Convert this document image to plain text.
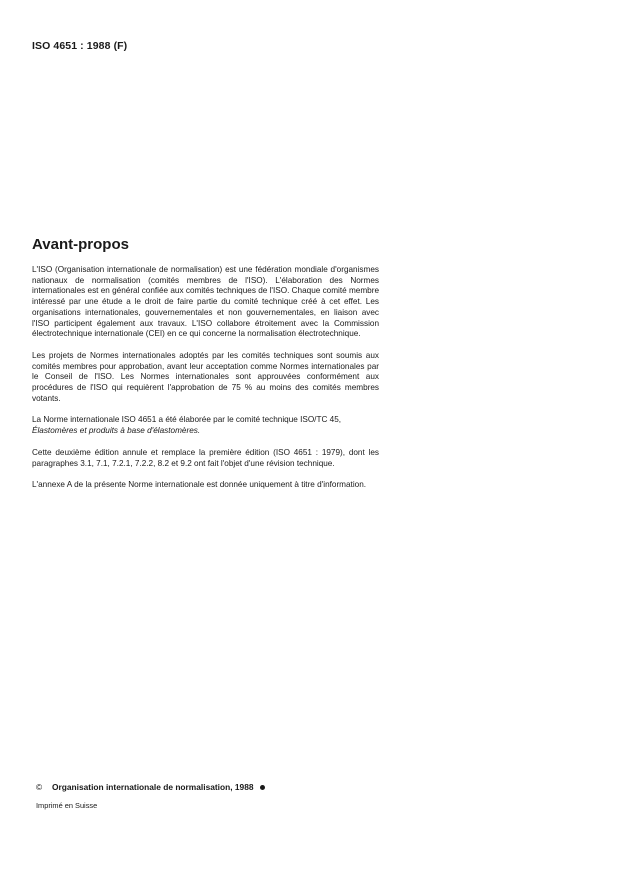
ISO 4651 : 1988 (F)
Avant-propos

L'ISO (Organisation internationale de normalisation) est une fédération mondiale d'organismes nationaux de normalisation (comités membres de l'ISO). L'élaboration des Normes internationales est en général confiée aux comités techniques de l'ISO. Chaque comité membre intéressé par une étude a le droit de faire partie du comité technique créé à cet effet. Les organisations internationales, gouvernementales et non gouvernementales, en liaison avec l'ISO participent également aux travaux. L'ISO collabore étroitement avec la Commission électrotechnique internationale (CEI) en ce qui concerne la normalisation électrotechnique.

Les projets de Normes internationales adoptés par les comités techniques sont soumis aux comités membres pour approbation, avant leur acceptation comme Normes internationales par le Conseil de l'ISO. Les Normes internationales sont approuvées conformément aux procédures de l'ISO qui requièrent l'approbation de 75 % au moins des comités membres votants.

La Norme internationale ISO 4651 a été élaborée par le comité technique ISO/TC 45,
Élastomères et produits à base d'élastomères.

Cette deuxième édition annule et remplace la première édition (ISO 4651 : 1979), dont les paragraphes 3.1, 7.1, 7.2.1, 7.2.2, 8.2 et 9.2 ont fait l'objet d'une révision technique.

L'annexe A de la présente Norme internationale est donnée uniquement à titre d'information.

© Organisation internationale de normalisation, 1988
Imprimé en Suisse
